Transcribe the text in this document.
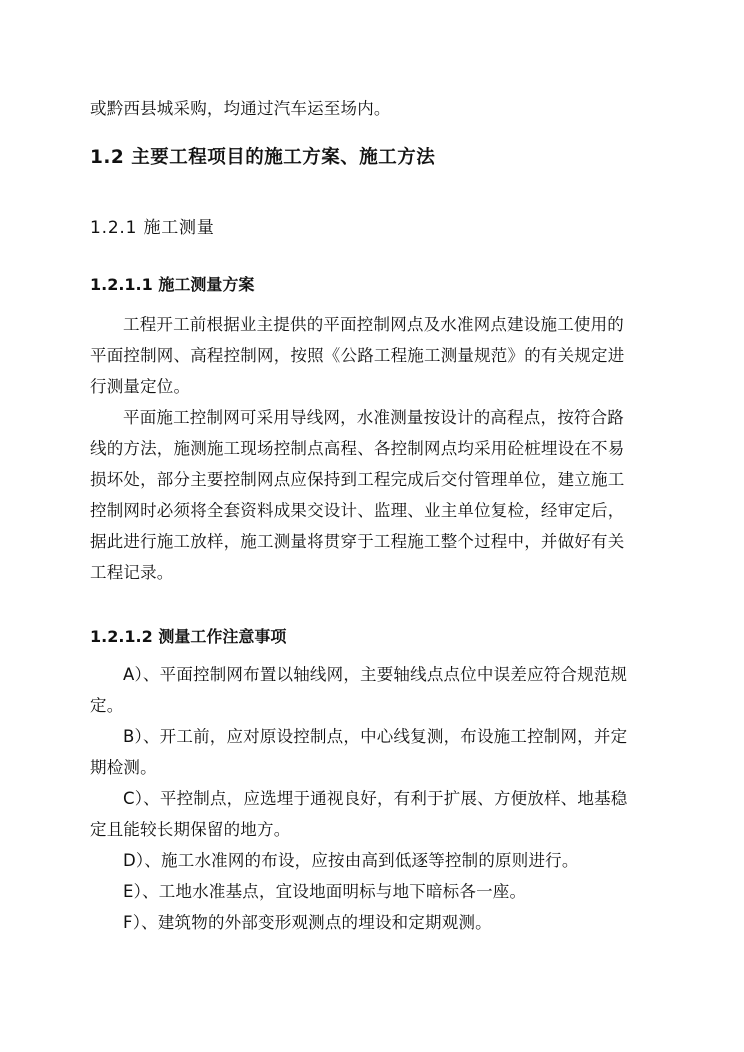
或黔西县城采购，均通过汽车运至场内。
1.2 主要工程项目的施工方案、施工方法
1.2.1 施工测量
1.2.1.1 施工测量方案
工程开工前根据业主提供的平面控制网点及水准网点建设施工使用的
平面控制网、高程控制网，按照《公路工程施工测量规范》的有关规定进
行测量定位。
平面施工控制网可采用导线网，水准测量按设计的高程点，按符合路
线的方法，施测施工现场控制点高程、各控制网点均采用砼桩埋设在不易
损坏处，部分主要控制网点应保持到工程完成后交付管理单位，建立施工
控制网时必须将全套资料成果交设计、监理、业主单位复检，经审定后，
据此进行施工放样，施工测量将贯穿于工程施工整个过程中，并做好有关
工程记录。
1.2.1.2 测量工作注意事项
A）、平面控制网布置以轴线网，主要轴线点点位中误差应符合规范规
定。
B）、开工前，应对原设控制点，中心线复测，布设施工控制网，并定
期检测。
C）、平控制点，应选埋于通视良好，有利于扩展、方便放样、地基稳
定且能较长期保留的地方。
D）、施工水准网的布设，应按由高到低逐等控制的原则进行。
E）、工地水准基点，宜设地面明标与地下暗标各一座。
F）、建筑物的外部变形观测点的埋设和定期观测。
